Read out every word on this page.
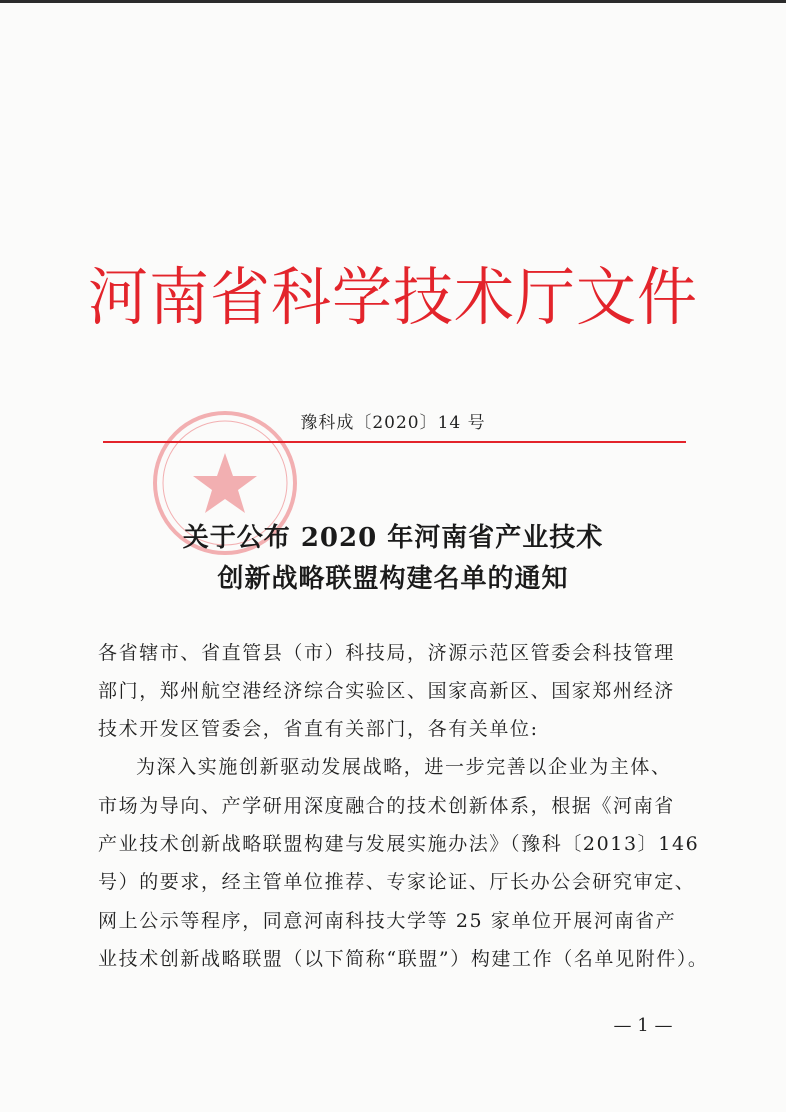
河南省科学技术厅文件
豫科成〔2020〕14 号
关于公布 2020 年河南省产业技术
创新战略联盟构建名单的通知
各省辖市、省直管县（市）科技局，济源示范区管委会科技管理
部门，郑州航空港经济综合实验区、国家高新区、国家郑州经济
技术开发区管委会，省直有关部门，各有关单位:
为深入实施创新驱动发展战略，进一步完善以企业为主体、
市场为导向、产学研用深度融合的技术创新体系，根据《河南省
产业技术创新战略联盟构建与发展实施办法》（豫科〔2013〕146
号）的要求，经主管单位推荐、专家论证、厅长办公会研究审定、
网上公示等程序，同意河南科技大学等 25 家单位开展河南省产
业技术创新战略联盟（以下简称“联盟”）构建工作（名单见附件）。
— 1 —
